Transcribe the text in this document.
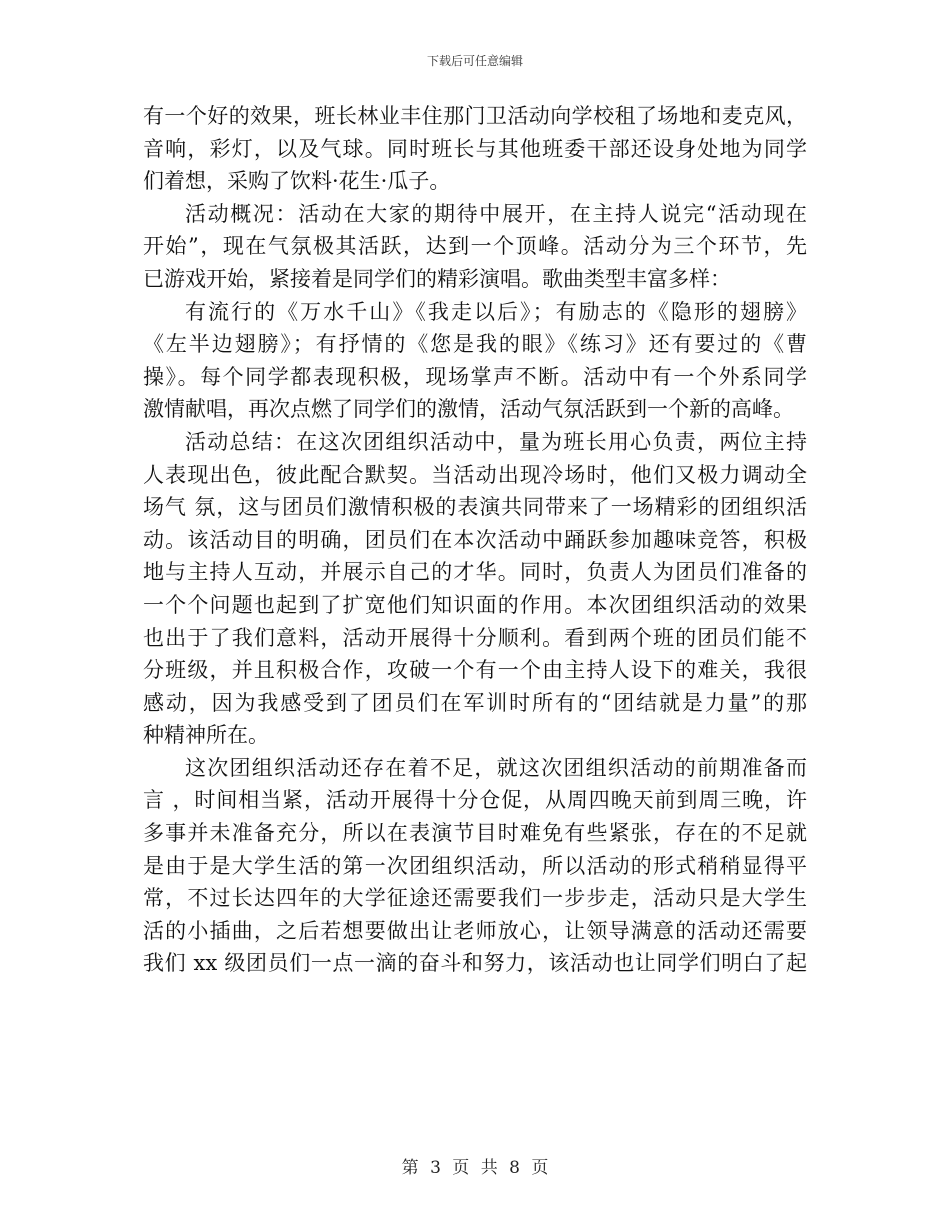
下载后可任意编辑
有一个好的效果，班长林业丰住那门卫活动向学校租了场地和麦克风，
音响，彩灯，以及气球。同时班长与其他班委干部还设身处地为同学
们着想，采购了饮料·花生·瓜子。
活动概况：活动在大家的期待中展开，在主持人说完“活动现在
开始”，现在气氛极其活跃，达到一个顶峰。活动分为三个环节，先
已游戏开始，紧接着是同学们的精彩演唱。歌曲类型丰富多样：
有流行的《万水千山》《我走以后》；有励志的《隐形的翅膀》
《左半边翅膀》；有抒情的《您是我的眼》《练习》还有要过的《曹
操》。每个同学都表现积极，现场掌声不断。活动中有一个外系同学
激情献唱，再次点燃了同学们的激情，活动气氛活跃到一个新的高峰。
活动总结：在这次团组织活动中，量为班长用心负责，两位主持
人表现出色，彼此配合默契。当活动出现冷场时，他们又极力调动全
场气 氛，这与团员们激情积极的表演共同带来了一场精彩的团组织活
动。该活动目的明确，团员们在本次活动中踊跃参加趣味竞答，积极
地与主持人互动，并展示自己的才华。同时，负责人为团员们准备的
一个个问题也起到了扩宽他们知识面的作用。本次团组织活动的效果
也出于了我们意料，活动开展得十分顺利。看到两个班的团员们能不
分班级，并且积极合作，攻破一个有一个由主持人设下的难关，我很
感动，因为我感受到了团员们在军训时所有的“团结就是力量”的那
种精神所在。
这次团组织活动还存在着不足，就这次团组织活动的前期准备而
言 ，时间相当紧，活动开展得十分仓促，从周四晚天前到周三晚，许
多事并未准备充分，所以在表演节目时难免有些紧张，存在的不足就
是由于是大学生活的第一次团组织活动，所以活动的形式稍稍显得平
常，不过长达四年的大学征途还需要我们一步步走，活动只是大学生
活的小插曲，之后若想要做出让老师放心，让领导满意的活动还需要
我们 xx 级团员们一点一滴的奋斗和努力，该活动也让同学们明白了起
第 3 页 共 8 页
